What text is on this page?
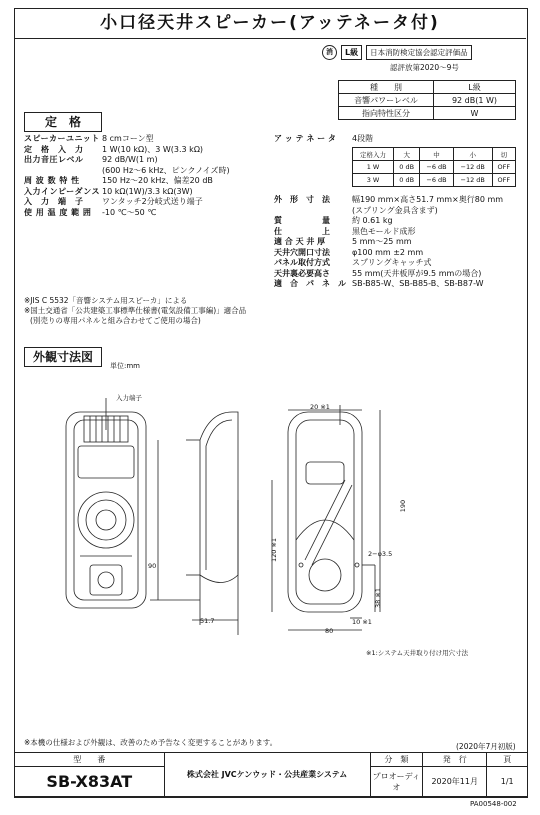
小口径天井スピーカー(アッテネータ付)
消	L級	日本消防検定協会認定評価品
認評放第2020〜9号
種　　別	L級
音響パワーレベル	92 dB(1 W)
指向特性区分	W
定　格
スピーカーユニット 8 cmコーン型
定　格　入　力	1 W(10 kΩ)、3 W(3.3 kΩ)
出力音圧レベル	92 dB/W(1 m)
(600 Hz〜6 kHz、ピンクノイズ時)
周 波 数 特 性	150 Hz〜20 kHz、偏差20 dB
入力インピーダンス 10 kΩ(1W)/3.3 kΩ(3W)
入　力　端　子	ワンタッチ2分岐式送り端子
使 用 温 度 範 囲	-10 ℃〜50 ℃
ア ッ テ ネ ー タ	4段階
定格入力	大	中	小	切
1 W	0 dB	−6 dB	−12 dB	OFF
3 W	0 dB	−6 dB	−12 dB	OFF
外　形　寸　法	幅190 mm×高さ51.7 mm×奥行80 mm
(スプリング金具含まず)
質　　　　　量	約 0.61 kg
仕　　　　　上	黒色モールド成形
適 合 天 井 厚	5 mm〜25 mm
天井穴開口寸法	φ100 mm ±2 mm
パネル取付方式	スプリングキャッチ式
天井裏必要高さ	55 mm(天井板厚が9.5 mmの場合)
適　合　パ　ネ　ル SB-B85-W、SB-B85-B、SB-B87-W
※JIS C 5532「音響システム用スピーカ」による
※国土交通省「公共建築工事標準仕様書(電気設備工事編)」適合品
(別売りの専用パネルと組み合わせてご使用の場合)
外観寸法図
単位:mm
入力端子
90
51.7
20 ※1
190
120 ※1	2−φ3.5
38 ※1
10 ※1
80
※1:システム天井取り付け用穴寸法
※本機の仕様および外観は、改善のため予告なく変更することがあります。	(2020年7月初版)
型　　番	株式会社 JVCケンウッド・公共産業システム	分　類	発　行	頁
SB-X83AT		プロオーディオ	2020年11月	1/1
PA00548-002
